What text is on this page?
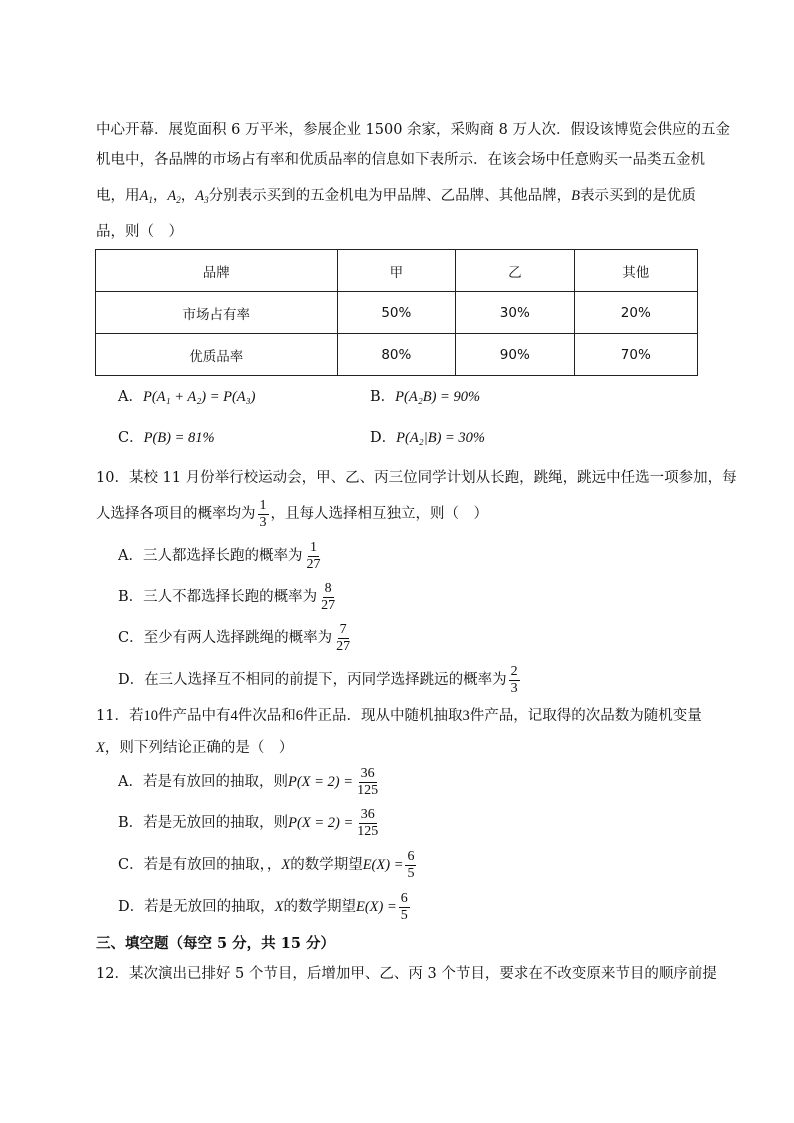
中心开幕．展览面积 6 万平米，参展企业 1500 余家，采购商 8 万人次．假设该博览会供应的五金
机电中，各品牌的市场占有率和优质品率的信息如下表所示．在该会场中任意购买一品类五金机
电，用$A_1$，$A_2$，$A_3$分别表示买到的五金机电为甲品牌、乙品牌、其他品牌，B表示买到的是优质
品，则（　）
品牌	甲	乙	其他
市场占有率	50%	30%	20%
优质品率	80%	90%	70%
A．P(A₁ + A₂) = P(A₃)	B．P(A₂B) = 90%
C．P(B) = 81%	D．P(A₂|B) = 30%
10．某校 11 月份举行校运动会，甲、乙、丙三位同学计划从长跑，跳绳，跳远中任选一项参加，每
人选择各项目的概率均为 $\frac{1}{3}$ ，且每人选择相互独立，则（　）
A．三人都选择长跑的概率为 $\frac{1}{27}$
B．三人不都选择长跑的概率为 $\frac{8}{27}$
C．至少有两人选择跳绳的概率为 $\frac{7}{27}$
D．在三人选择互不相同的前提下，丙同学选择跳远的概率为 $\frac{2}{3}$
11．若10件产品中有4件次品和6件正品．现从中随机抽取3件产品，记取得的次品数为随机变量
X，则下列结论正确的是（　）
A．若是有放回的抽取，则$P(X = 2) = \frac{36}{125}$
B．若是无放回的抽取，则$P(X = 2) = \frac{36}{125}$
C．若是有放回的抽取，，X的数学期望$E(X) = \frac{6}{5}$
D．若是无放回的抽取，X的数学期望$E(X) = \frac{6}{5}$
三、填空题（每空 5 分，共 15 分）
12．某次演出已排好 5 个节目，后增加甲、乙、丙 3 个节目，要求在不改变原来节目的顺序前提
